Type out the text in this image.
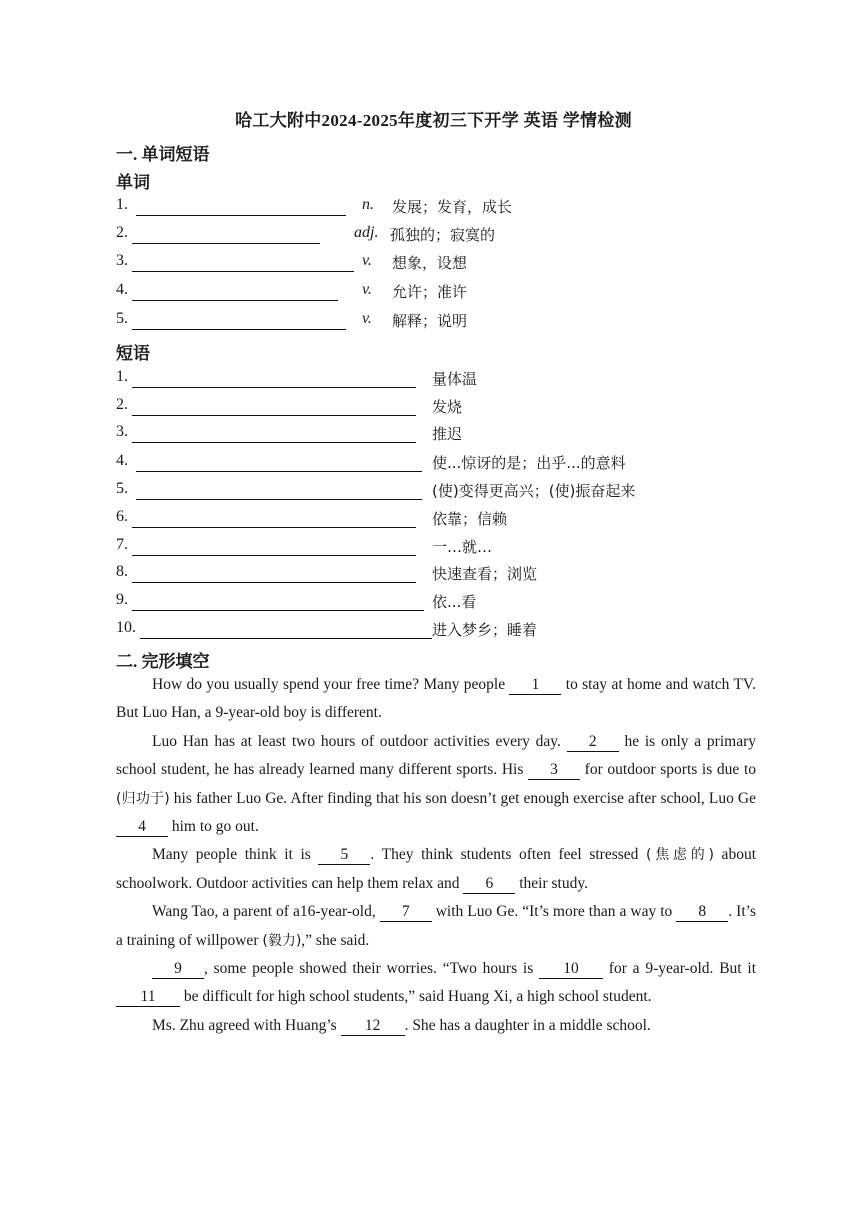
哈工大附中2024-2025年度初三下开学 英语 学情检测
一. 单词短语
单词
1.	n. 发展；发育，成长
2.	adj. 孤独的；寂寞的
3.	v. 想象，设想
4.	v. 允许；准许
5.	v. 解释；说明
短语
1.	量体温
2.	发烧
3.	推迟
4.	使...惊讶的是；出乎...的意料
5.	(使)变得更高兴；(使)振奋起来
6.	依靠；信赖
7.	一…就…
8.	快速查看；浏览
9.	依...看
10.	进入梦乡；睡着
二. 完形填空

How do you usually spend your free time? Many people 1 to stay at home and watch TV. But Luo Han, a 9-year-old boy is different.

Luo Han has at least two hours of outdoor activities every day. 2 he is only a primary school student, he has already learned many different sports. His 3 for outdoor sports is due to (归功于) his father Luo Ge. After finding that his son doesn’t get enough exercise after school, Luo Ge 4 him to go out.

Many people think it is 5 . They think students often feel stressed (焦虑的) about schoolwork. Outdoor activities can help them relax and 6 their study.

Wang Tao, a parent of a16-year-old, 7 with Luo Ge. “It’s more than a way to 8 . It’s a training of willpower (毅力),” she said.

9 , some people showed their worries. “Two hours is 10 for a 9-year-old. But it 11 be difficult for high school students,” said Huang Xi, a high school student.

Ms. Zhu agreed with Huang’s 12 . She has a daughter in a middle school.
